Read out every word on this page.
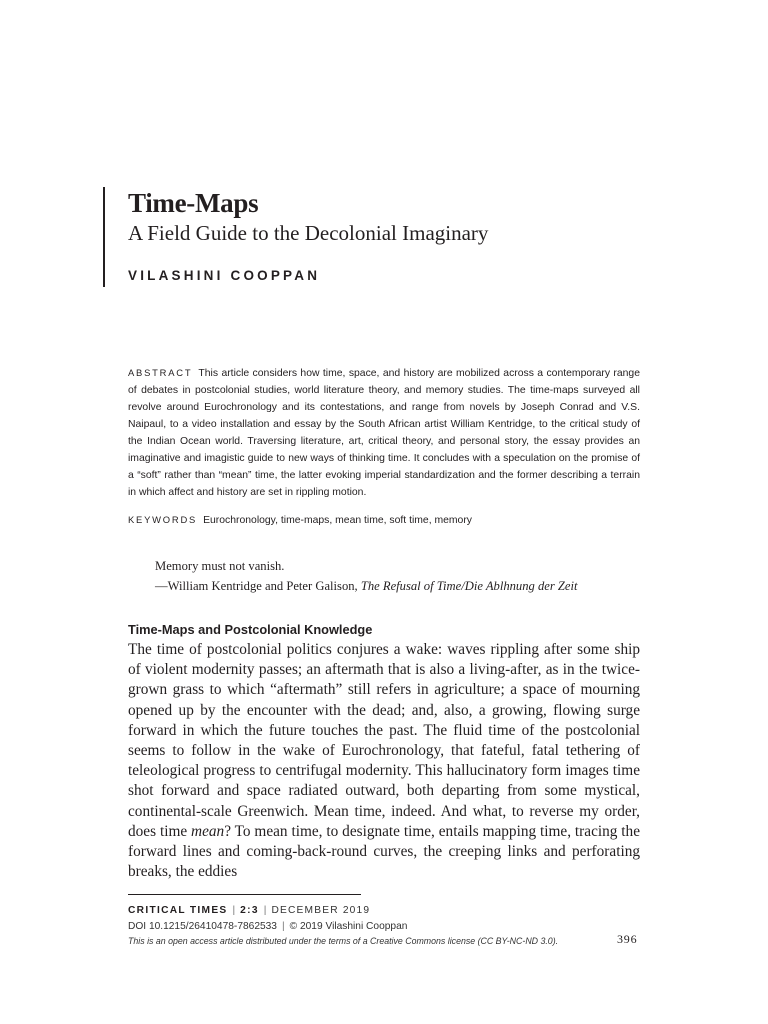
Time-Maps
A Field Guide to the Decolonial Imaginary
VILASHINI COOPPAN
ABSTRACT This article considers how time, space, and history are mobilized across a contemporary range of debates in postcolonial studies, world literature theory, and memory studies. The time-maps surveyed all revolve around Eurochronology and its contestations, and range from novels by Joseph Conrad and V.S. Naipaul, to a video installation and essay by the South African artist William Kentridge, to the critical study of the Indian Ocean world. Traversing literature, art, critical theory, and personal story, the essay provides an imaginative and imagistic guide to new ways of thinking time. It concludes with a speculation on the promise of a “soft” rather than “mean” time, the latter evoking imperial standardization and the former describing a terrain in which affect and history are set in rippling motion.
KEYWORDS Eurochronology, time-maps, mean time, soft time, memory
Memory must not vanish.
—William Kentridge and Peter Galison, The Refusal of Time/Die Ablhnung der Zeit
Time-Maps and Postcolonial Knowledge
The time of postcolonial politics conjures a wake: waves rippling after some ship of violent modernity passes; an aftermath that is also a living-after, as in the twice-grown grass to which “aftermath” still refers in agriculture; a space of mourning opened up by the encounter with the dead; and, also, a growing, flowing surge forward in which the future touches the past. The fluid time of the postcolonial seems to follow in the wake of Eurochronology, that fateful, fatal tethering of teleological progress to centrifugal modernity. This hallucinatory form images time shot forward and space radiated outward, both departing from some mystical, continental-scale Greenwich. Mean time, indeed. And what, to reverse my order, does time mean? To mean time, to designate time, entails mapping time, tracing the forward lines and coming-back-round curves, the creeping links and perforating breaks, the eddies
CRITICAL TIMES | 2:3 | DECEMBER 2019
DOI 10.1215/26410478-7862533 | © 2019 Vilashini Cooppan
This is an open access article distributed under the terms of a Creative Commons license (CC BY-NC-ND 3.0).	396
